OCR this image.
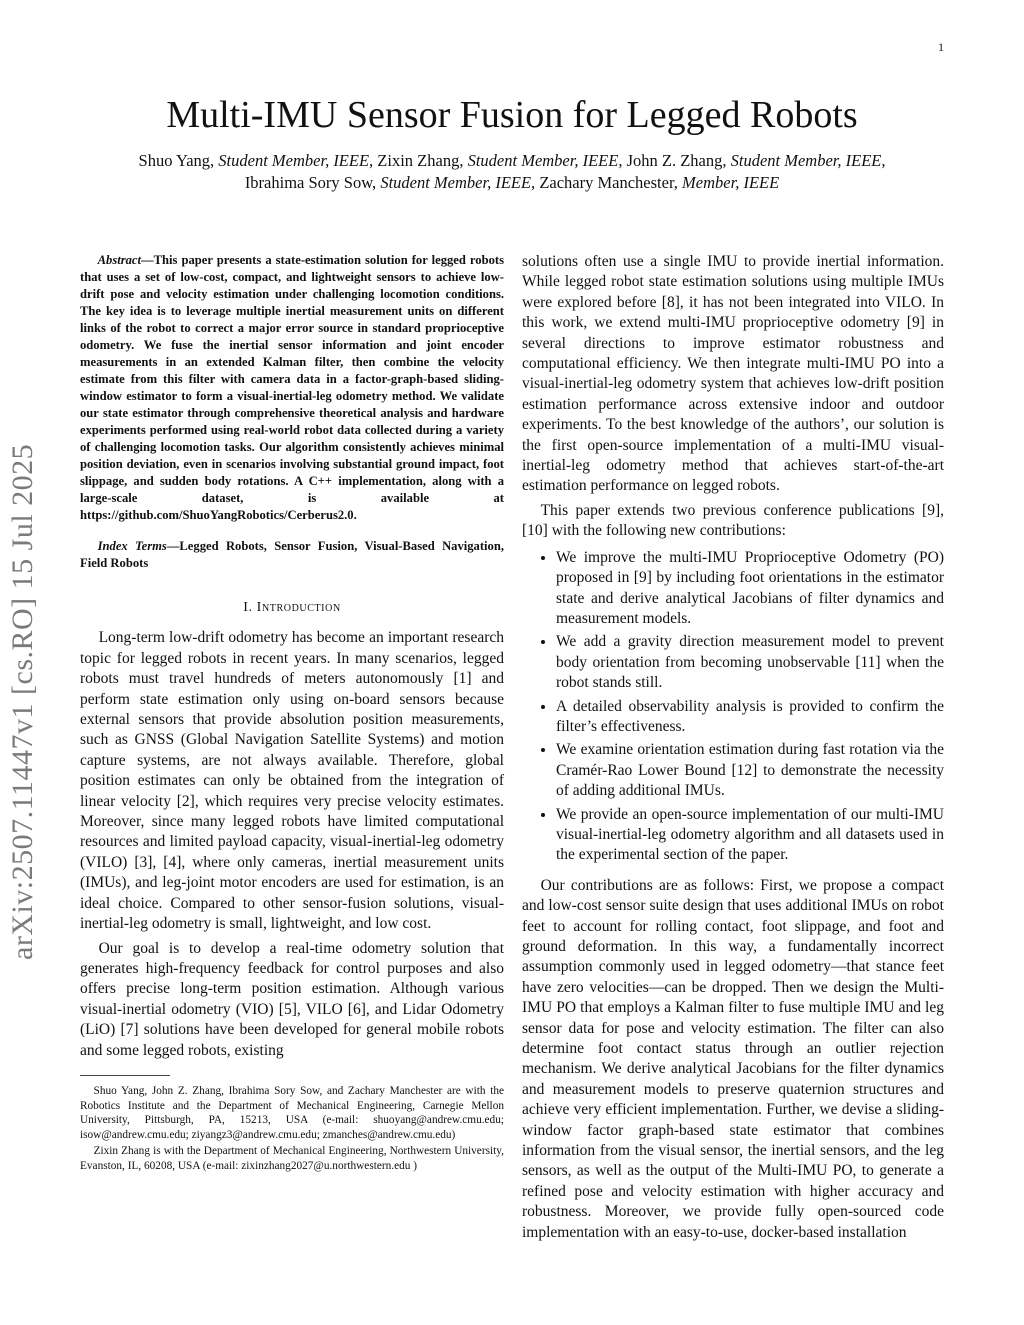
1
arXiv:2507.11447v1 [cs.RO] 15 Jul 2025
Multi-IMU Sensor Fusion for Legged Robots
Shuo Yang, Student Member, IEEE, Zixin Zhang, Student Member, IEEE, John Z. Zhang, Student Member, IEEE,
Ibrahima Sory Sow, Student Member, IEEE, Zachary Manchester, Member, IEEE

Abstract—This paper presents a state-estimation solution for legged robots that uses a set of low-cost, compact, and lightweight sensors to achieve low-drift pose and velocity estimation under challenging locomotion conditions. The key idea is to leverage multiple inertial measurement units on different links of the robot to correct a major error source in standard proprioceptive odometry. We fuse the inertial sensor information and joint encoder measurements in an extended Kalman filter, then combine the velocity estimate from this filter with camera data in a factor-graph-based sliding-window estimator to form a visual-inertial-leg odometry method. We validate our state estimator through comprehensive theoretical analysis and hardware experiments performed using real-world robot data collected during a variety of challenging locomotion tasks. Our algorithm consistently achieves minimal position deviation, even in scenarios involving substantial ground impact, foot slippage, and sudden body rotations. A C++ implementation, along with a large-scale dataset, is available at https://github.com/ShuoYangRobotics/Cerberus2.0.

Index Terms—Legged Robots, Sensor Fusion, Visual-Based Navigation, Field Robots

I. Introduction

Long-term low-drift odometry has become an important research topic for legged robots in recent years. In many scenarios, legged robots must travel hundreds of meters autonomously [1] and perform state estimation only using on-board sensors because external sensors that provide absolution position measurements, such as GNSS (Global Navigation Satellite Systems) and motion capture systems, are not always available. Therefore, global position estimates can only be obtained from the integration of linear velocity [2], which requires very precise velocity estimates. Moreover, since many legged robots have limited computational resources and limited payload capacity, visual-inertial-leg odometry (VILO) [3], [4], where only cameras, inertial measurement units (IMUs), and leg-joint motor encoders are used for estimation, is an ideal choice. Compared to other sensor-fusion solutions, visual-inertial-leg odometry is small, lightweight, and low cost.

Our goal is to develop a real-time odometry solution that generates high-frequency feedback for control purposes and also offers precise long-term position estimation. Although various visual-inertial odometry (VIO) [5], VILO [6], and Lidar Odometry (LiO) [7] solutions have been developed for general mobile robots and some legged robots, existing

Shuo Yang, John Z. Zhang, Ibrahima Sory Sow, and Zachary Manchester are with the Robotics Institute and the Department of Mechanical Engineering, Carnegie Mellon University, Pittsburgh, PA, 15213, USA (e-mail: shuoyang@andrew.cmu.edu; isow@andrew.cmu.edu; ziyangz3@andrew.cmu.edu; zmanches@andrew.cmu.edu)

Zixin Zhang is with the Department of Mechanical Engineering, Northwestern University, Evanston, IL, 60208, USA (e-mail: zixinzhang2027@u.northwestern.edu )

solutions often use a single IMU to provide inertial information. While legged robot state estimation solutions using multiple IMUs were explored before [8], it has not been integrated into VILO. In this work, we extend multi-IMU proprioceptive odometry [9] in several directions to improve estimator robustness and computational efficiency. We then integrate multi-IMU PO into a visual-inertial-leg odometry system that achieves low-drift position estimation performance across extensive indoor and outdoor experiments. To the best knowledge of the authors’, our solution is the first open-source implementation of a multi-IMU visual-inertial-leg odometry method that achieves start-of-the-art estimation performance on legged robots.

This paper extends two previous conference publications [9], [10] with the following new contributions:

• We improve the multi-IMU Proprioceptive Odometry (PO) proposed in [9] by including foot orientations in the estimator state and derive analytical Jacobians of filter dynamics and measurement models.
• We add a gravity direction measurement model to prevent body orientation from becoming unobservable [11] when the robot stands still.
• A detailed observability analysis is provided to confirm the filter’s effectiveness.
• We examine orientation estimation during fast rotation via the Cramér-Rao Lower Bound [12] to demonstrate the necessity of adding additional IMUs.
• We provide an open-source implementation of our multi-IMU visual-inertial-leg odometry algorithm and all datasets used in the experimental section of the paper.

Our contributions are as follows: First, we propose a compact and low-cost sensor suite design that uses additional IMUs on robot feet to account for rolling contact, foot slippage, and foot and ground deformation. In this way, a fundamentally incorrect assumption commonly used in legged odometry—that stance feet have zero velocities—can be dropped. Then we design the Multi-IMU PO that employs a Kalman filter to fuse multiple IMU and leg sensor data for pose and velocity estimation. The filter can also determine foot contact status through an outlier rejection mechanism. We derive analytical Jacobians for the filter dynamics and measurement models to preserve quaternion structures and achieve very efficient implementation. Further, we devise a sliding-window factor graph-based state estimator that combines information from the visual sensor, the inertial sensors, and the leg sensors, as well as the output of the Multi-IMU PO, to generate a refined pose and velocity estimation with higher accuracy and robustness. Moreover, we provide fully open-sourced code implementation with an easy-to-use, docker-based installation
